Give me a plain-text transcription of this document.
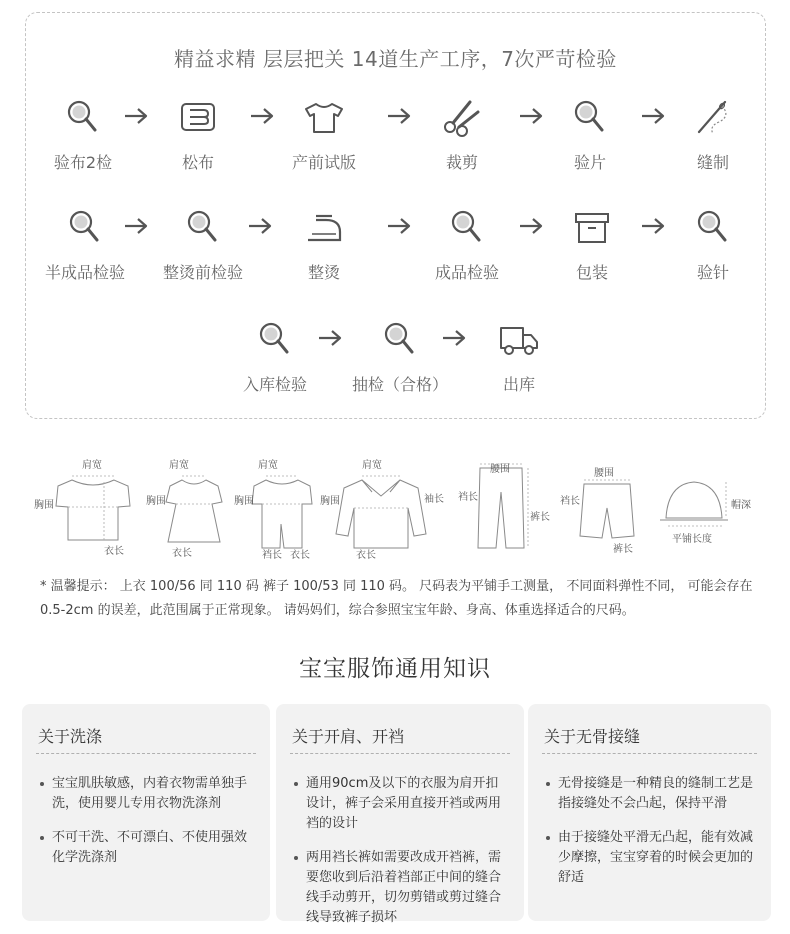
精益求精 层层把关 14道生产工序，7次严苛检验
验布2检	松布	产前试版	裁剪	验片	缝制
半成品检验	整烫前检验	整烫	成品检验	包装	验针
入库检验	抽检（合格）	出库
肩宽
胸围
衣长
肩宽
胸围
衣长
肩宽
胸围
裆长 衣长
肩宽
胸围	袖长
衣长
腰围
裆长
裤长
腰围
裆长
裤长
帽深
平铺长度
* 温馨提示： 上衣 100/56 同 110 码 裤子 100/53 同 110 码。 尺码表为平铺手工测量， 不同面料弹性不同， 可能会存在 0.5-2cm 的误差，此范围属于正常现象。 请妈妈们，综合参照宝宝年龄、身高、体重选择适合的尺码。
宝宝服饰通用知识
关于洗涤
宝宝肌肤敏感，内着衣物需单独手洗，使用婴儿专用衣物洗涤剂
不可干洗、不可漂白、不使用强效化学洗涤剂
关于开肩、开裆
通用90cm及以下的衣服为肩开扣设计，裤子会采用直接开裆或两用裆的设计
两用裆长裤如需要改成开裆裤，需要您收到后沿着裆部正中间的缝合线手动剪开，切勿剪错或剪过缝合线导致裤子损坏
关于无骨接缝
无骨接缝是一种精良的缝制工艺是指接缝处不会凸起，保持平滑
由于接缝处平滑无凸起，能有效减少摩擦，宝宝穿着的时候会更加的舒适
